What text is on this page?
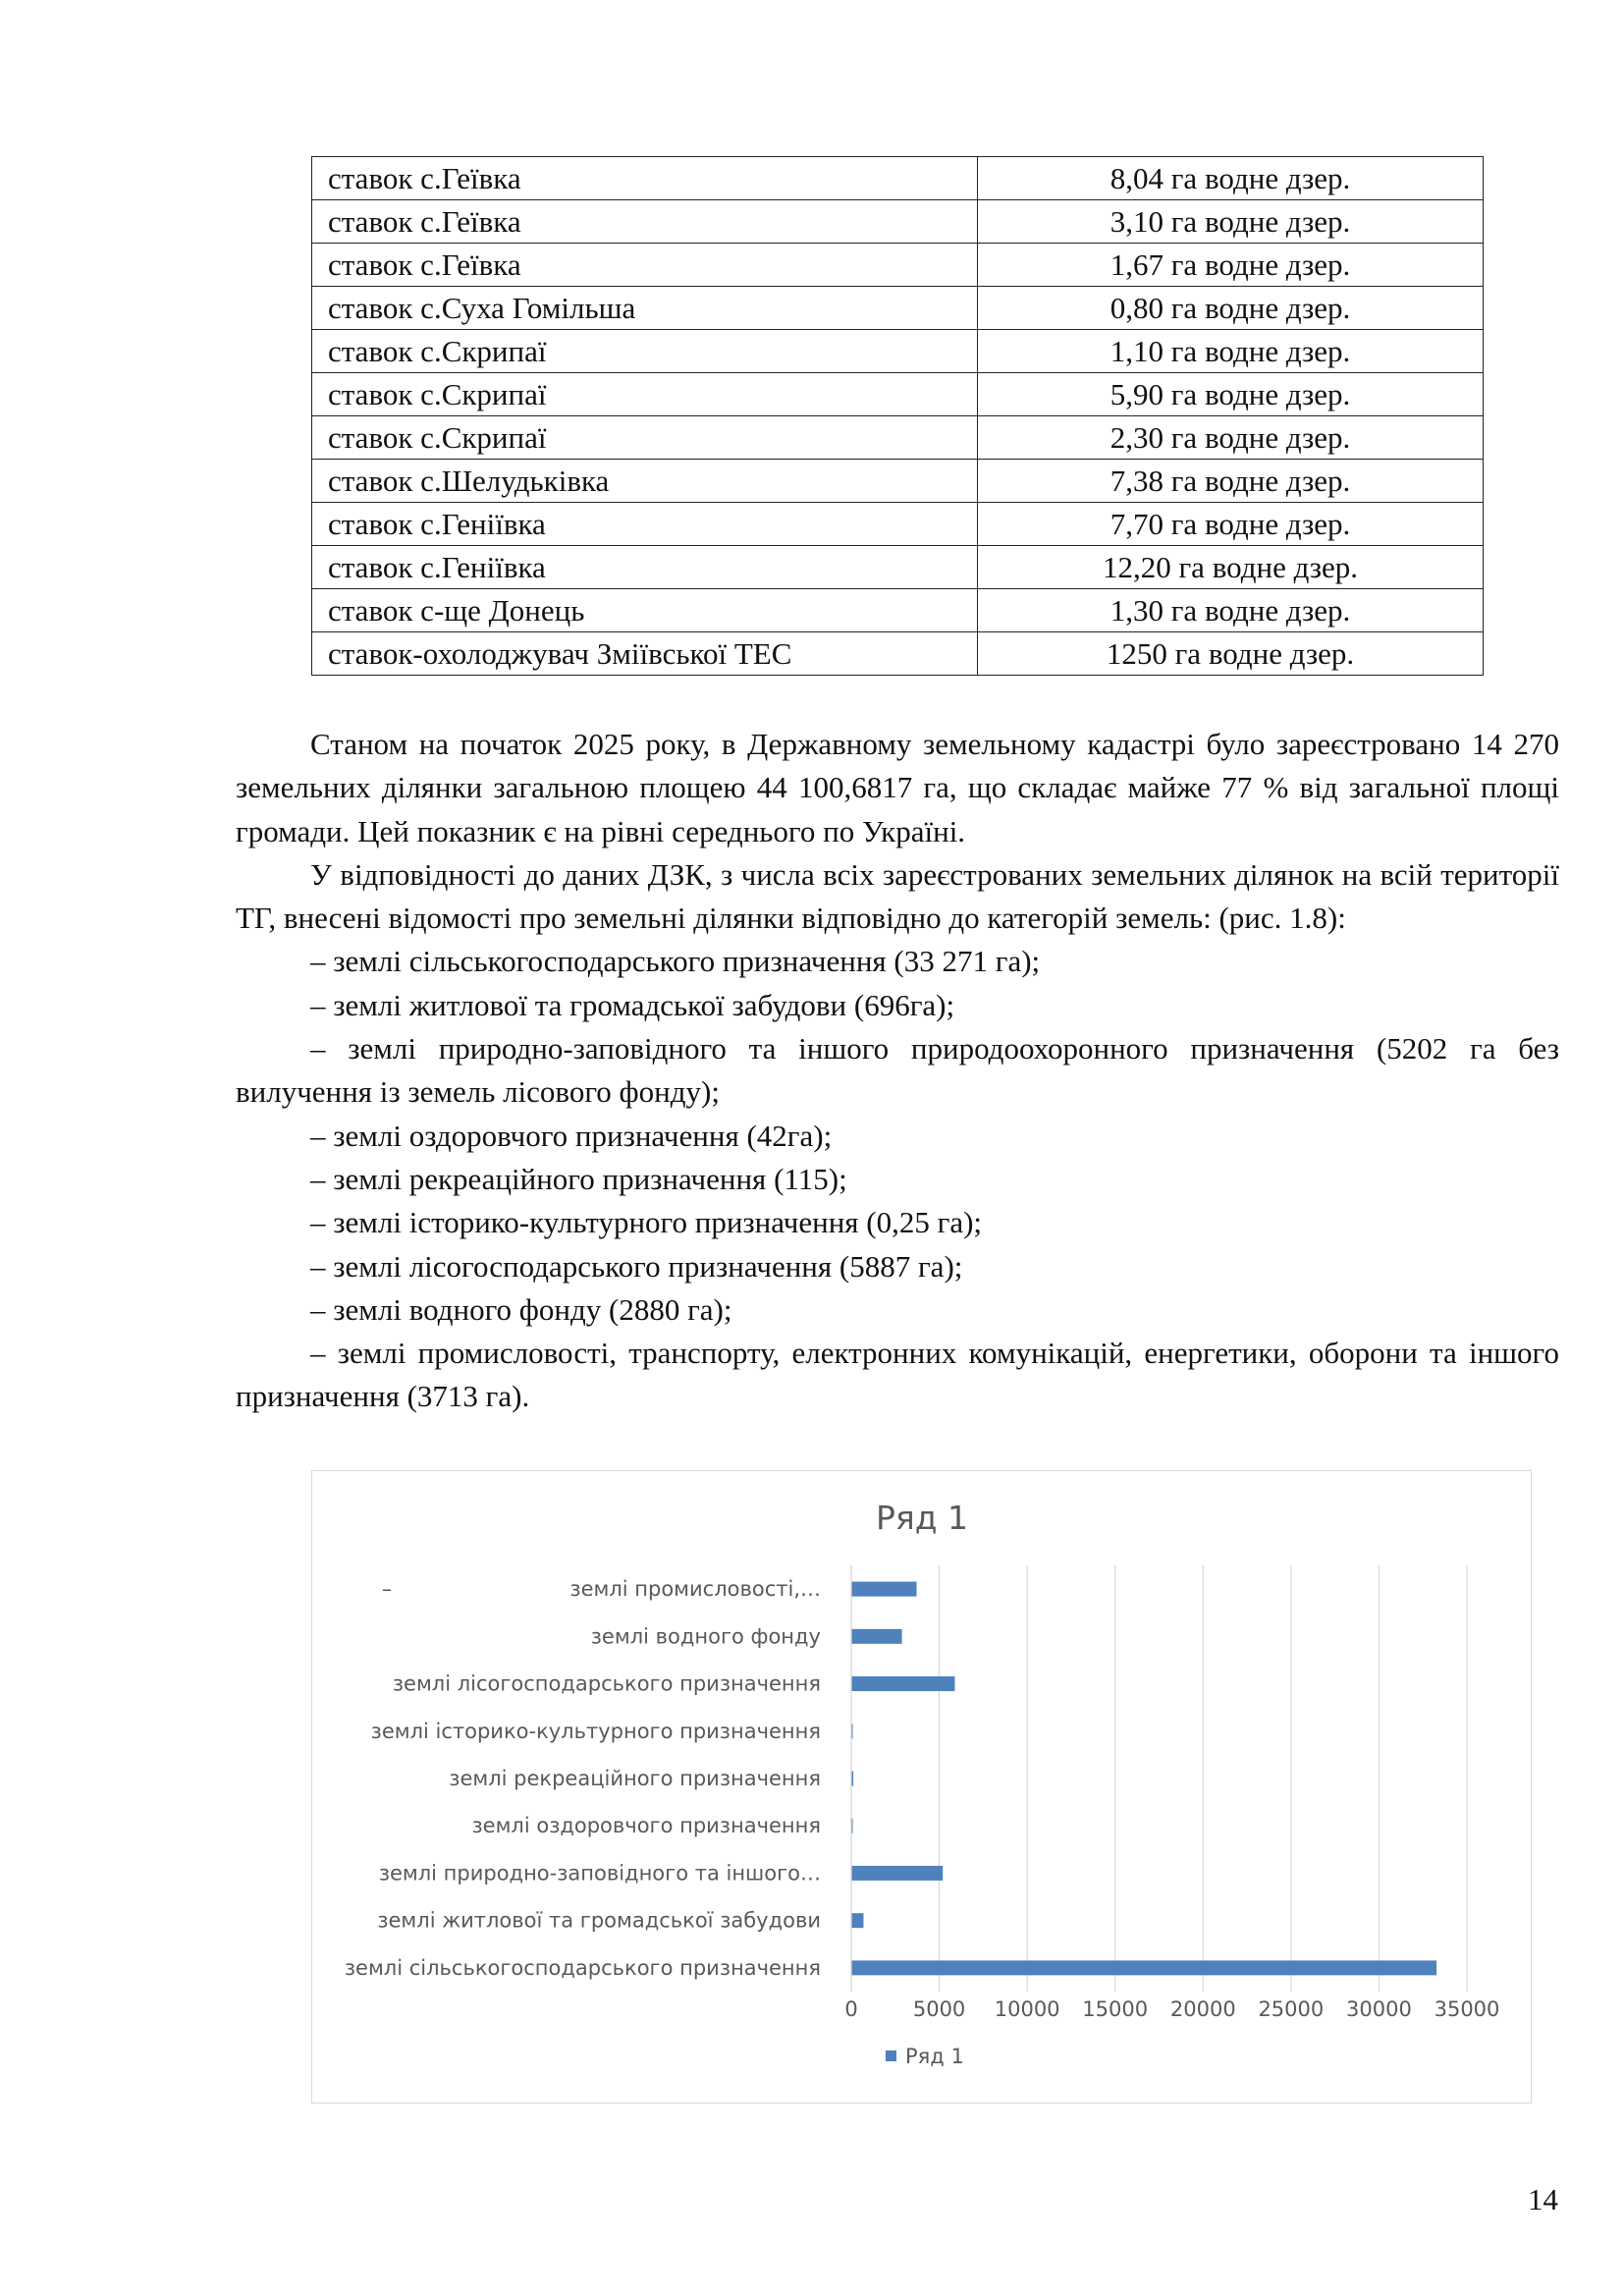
ставок с.Геївка	8,04 га водне дзер.
ставок с.Геївка	3,10 га водне дзер.
ставок с.Геївка	1,67 га водне дзер.
ставок с.Суха Гомільша	0,80 га водне дзер.
ставок с.Скрипаї	1,10 га водне дзер.
ставок с.Скрипаї	5,90 га водне дзер.
ставок с.Скрипаї	2,30 га водне дзер.
ставок с.Шелудьківка	7,38 га водне дзер.
ставок с.Геніївка	7,70 га водне дзер.
ставок с.Геніївка	12,20 га водне дзер.
ставок с-ще Донець	1,30 га водне дзер.
ставок-охолоджувач Зміївської ТЕС	1250 га водне дзер.

Станом на початок 2025 року, в Державному земельному кадастрі було зареєстровано 14 270 земельних ділянки загальною площею 44 100,6817 га, що складає майже 77 % від загальної площі громади. Цей показник є на рівні середнього по Україні.

У відповідності до даних ДЗК, з числа всіх зареєстрованих земельних ділянок на всій території ТГ, внесені відомості про земельні ділянки відповідно до категорій земель: (рис. 1.8):

– землі сільськогосподарського призначення (33 271 га);

– землі житлової та громадської забудови (696га);

– землі природно-заповідного та іншого природоохоронного призначення (5202 га без вилучення із земель лісового фонду);

– землі оздоровчого призначення (42га);

– землі рекреаційного призначення (115);

– землі історико-культурного призначення (0,25 га);

– землі лісогосподарського призначення (5887 га);

– землі водного фонду (2880 га);

– землі промисловості, транспорту, електронних комунікацій, енергетики, оборони та іншого призначення (3713 га).

0	5000 10000 15000 20000 25000 30000 35000
Ряд 1
землі сільськогосподарського призначення
землі житлової та громадської забудови
землі природно-заповідного та іншого…
землі оздоровчого призначення
землі рекреаційного призначення
землі історико-культурного призначення
землі лісогосподарського призначення
землі водного фонду
землі промисловості,…
–
Ряд 1
14
